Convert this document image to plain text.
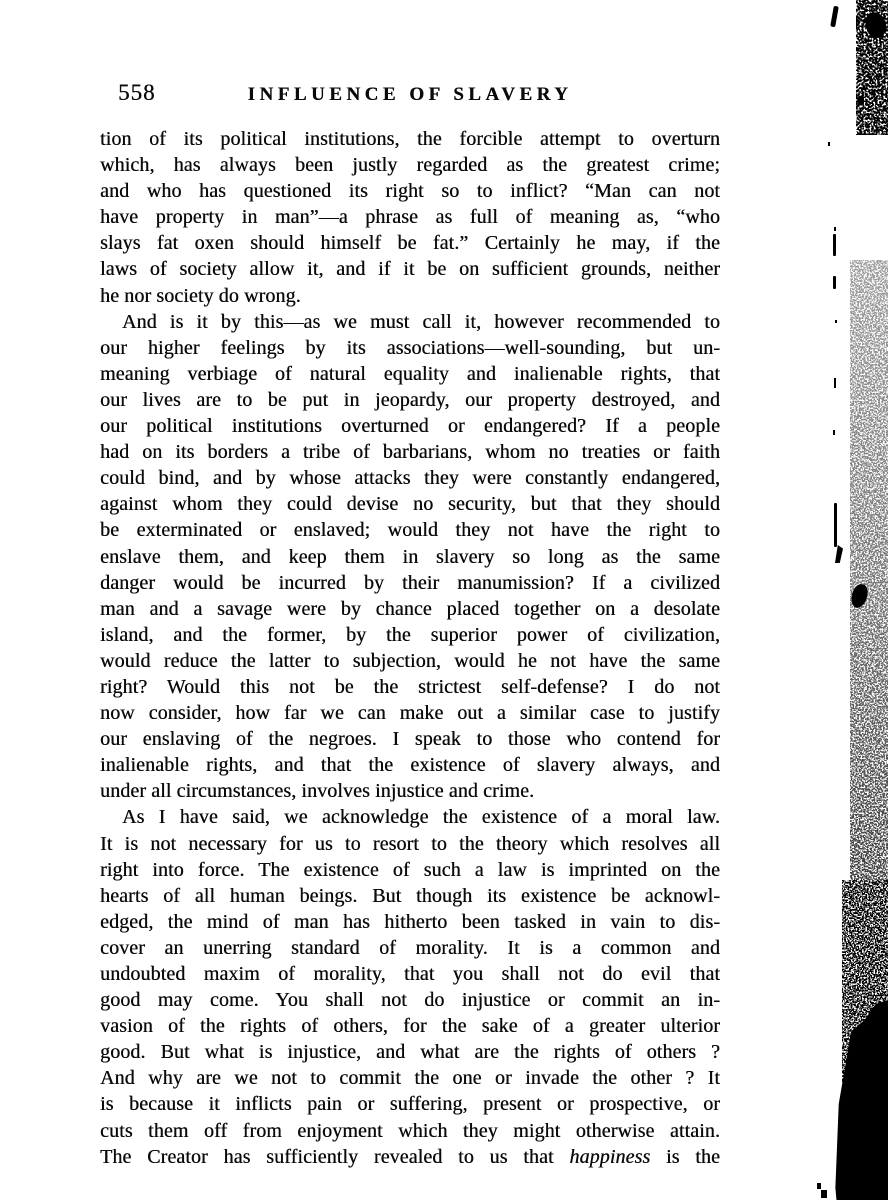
558	INFLUENCE OF SLAVERY
tion of its political institutions, the forcible attempt to overturn
which, has always been justly regarded as the greatest crime;
and who has questioned its right so to inflict? “Man can not
have property in man”—a phrase as full of meaning as, “who
slays fat oxen should himself be fat.” Certainly he may, if the
laws of society allow it, and if it be on sufficient grounds, neither
he nor society do wrong.
And is it by this—as we must call it, however recommended to
our higher feelings by its associations—well-sounding, but un-
meaning verbiage of natural equality and inalienable rights, that
our lives are to be put in jeopardy, our property destroyed, and
our political institutions overturned or endangered? If a people
had on its borders a tribe of barbarians, whom no treaties or faith
could bind, and by whose attacks they were constantly endangered,
against whom they could devise no security, but that they should
be exterminated or enslaved; would they not have the right to
enslave them, and keep them in slavery so long as the same
danger would be incurred by their manumission? If a civilized
man and a savage were by chance placed together on a desolate
island, and the former, by the superior power of civilization,
would reduce the latter to subjection, would he not have the same
right? Would this not be the strictest self-defense? I do not
now consider, how far we can make out a similar case to justify
our enslaving of the negroes. I speak to those who contend for
inalienable rights, and that the existence of slavery always, and
under all circumstances, involves injustice and crime.
As I have said, we acknowledge the existence of a moral law.
It is not necessary for us to resort to the theory which resolves all
right into force. The existence of such a law is imprinted on the
hearts of all human beings. But though its existence be acknowl-
edged, the mind of man has hitherto been tasked in vain to dis-
cover an unerring standard of morality. It is a common and
undoubted maxim of morality, that you shall not do evil that
good may come. You shall not do injustice or commit an in-
vasion of the rights of others, for the sake of a greater ulterior
good. But what is injustice, and what are the rights of others ?
And why are we not to commit the one or invade the other ? It
is because it inflicts pain or suffering, present or prospective, or
cuts them off from enjoyment which they might otherwise attain.
The Creator has sufficiently revealed to us that happiness is the
